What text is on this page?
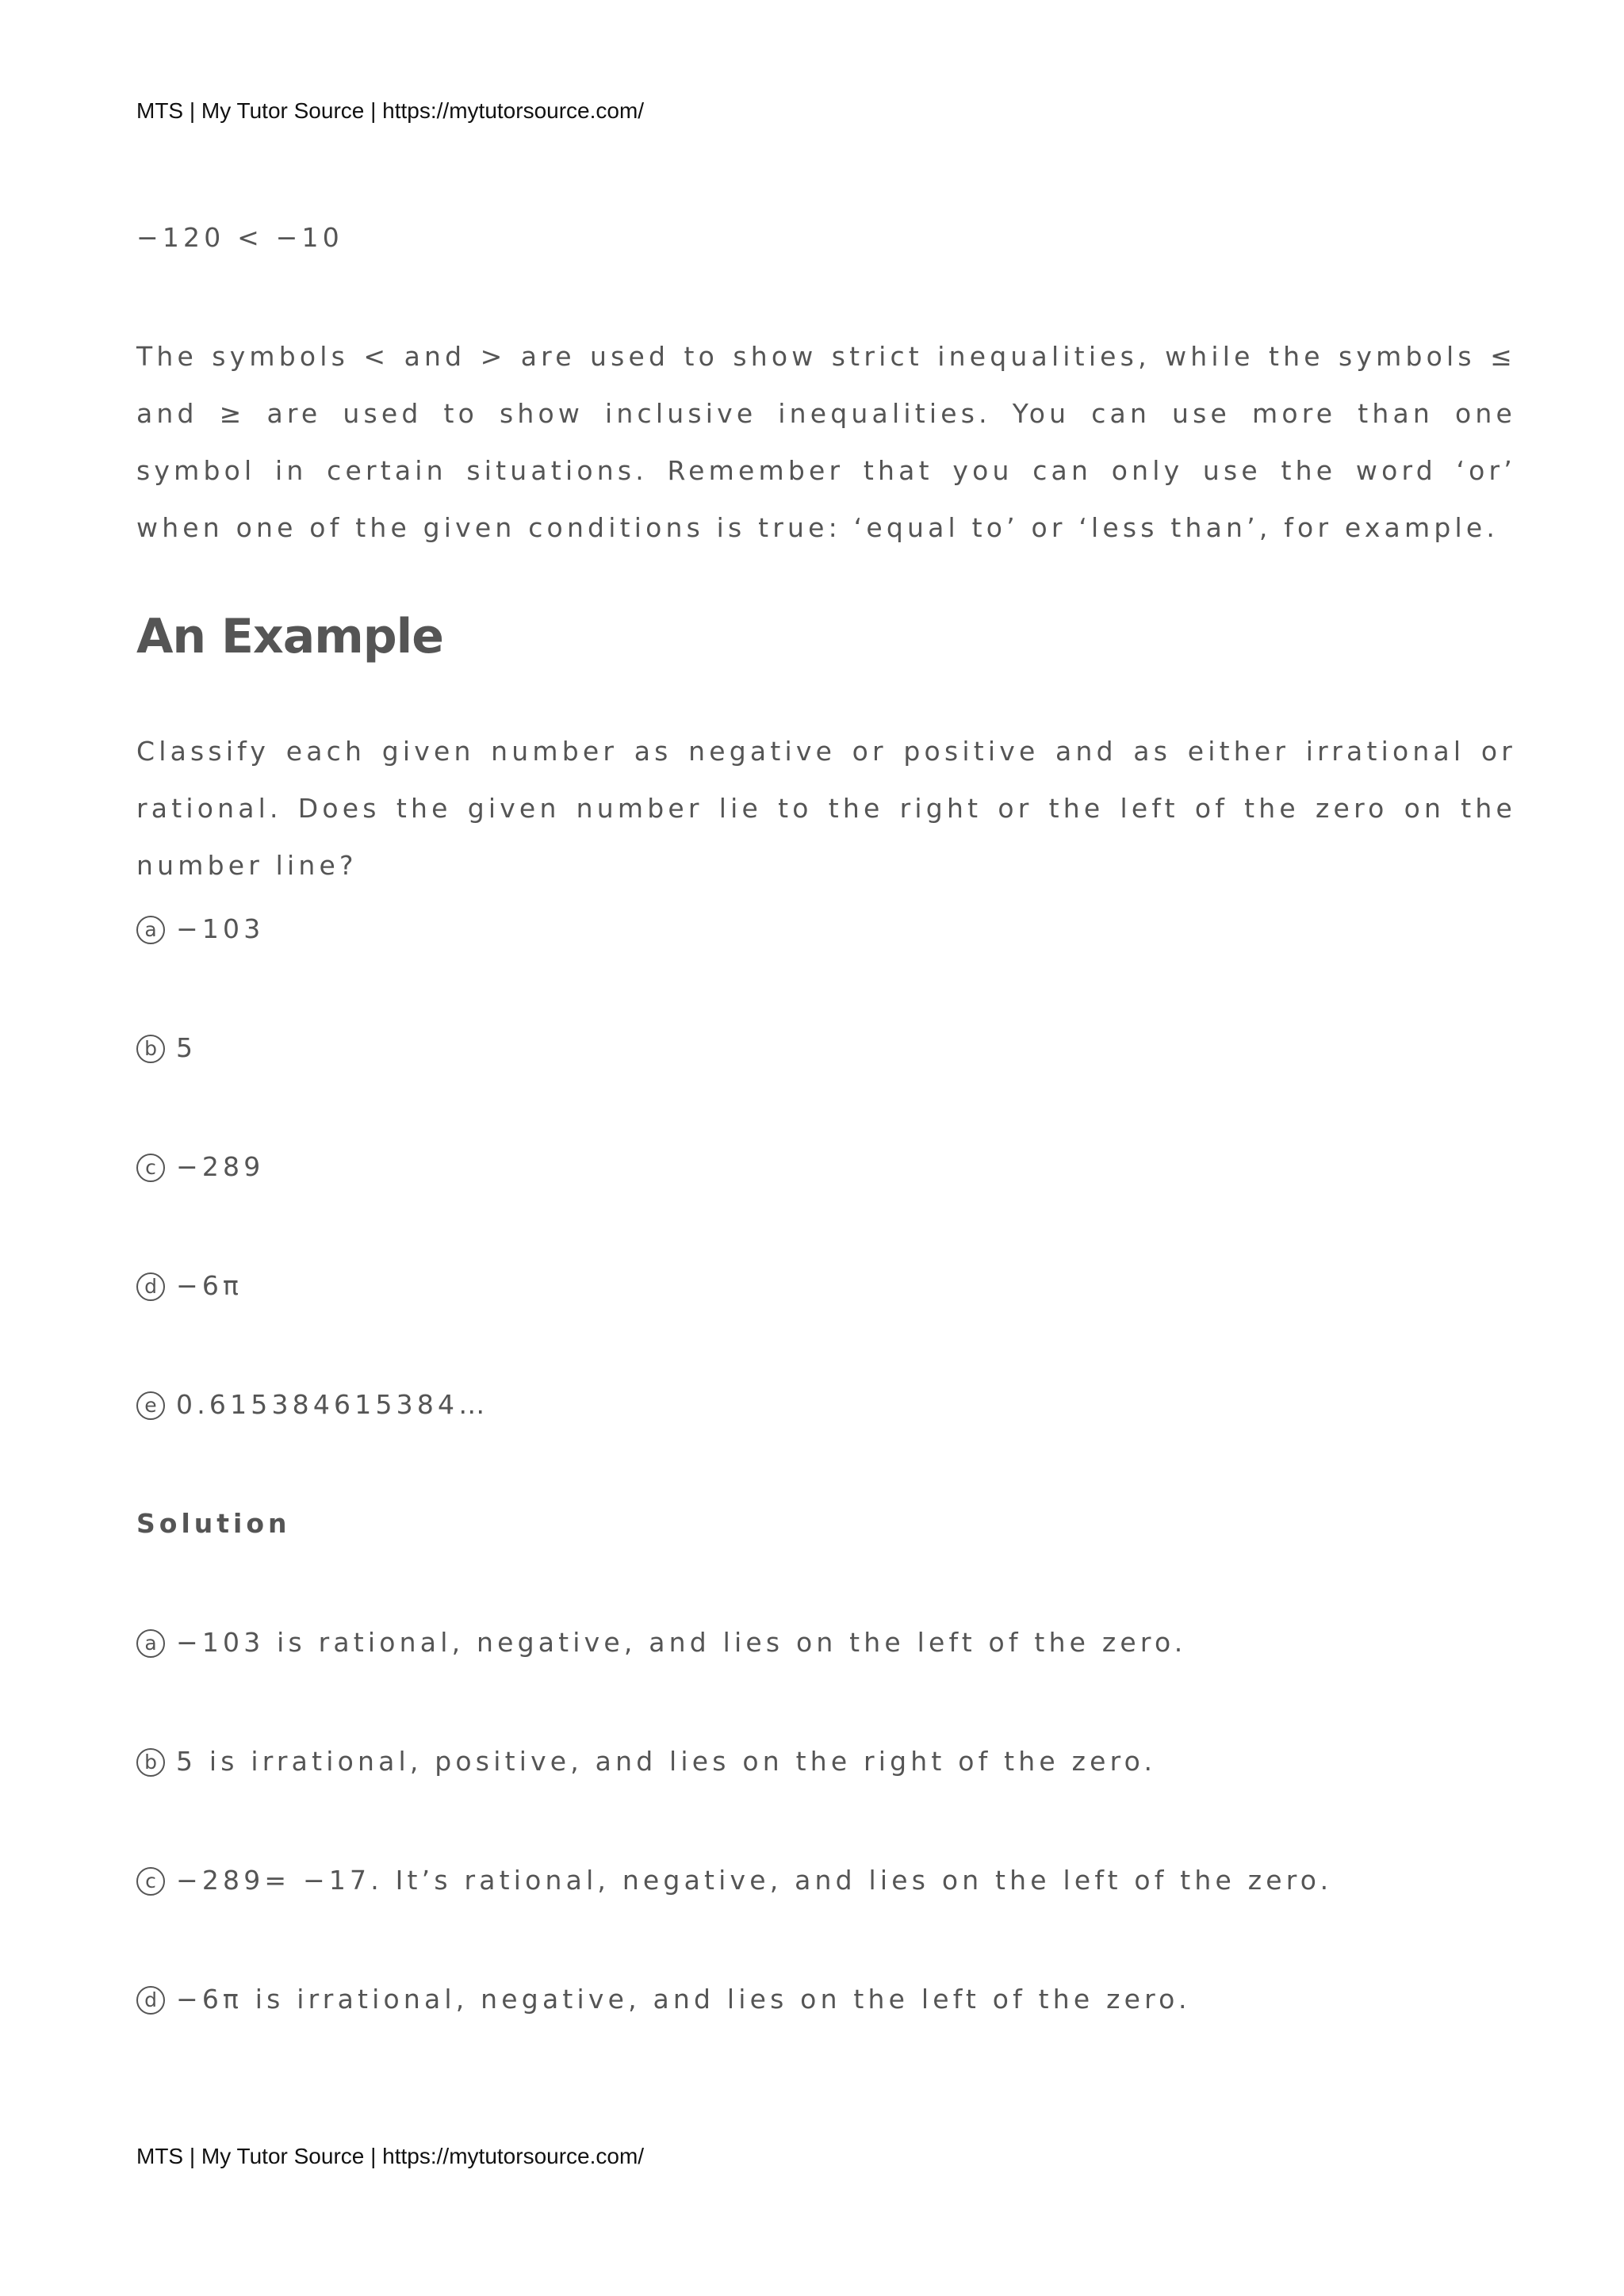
MTS | My Tutor Source | https://mytutorsource.com/

−120 < −10

The symbols < and > are used to show strict inequalities, while the symbols ≤ and ≥ are used to show inclusive inequalities. You can use more than one symbol in certain situations. Remember that you can only use the word ‘or’ when one of the given conditions is true: ‘equal to’ or ‘less than’, for example.

An Example

Classify each given number as negative or positive and as either irrational or rational. Does the given number lie to the right or the left of the zero on the number line?

a −103
b 5
c −289
d −6π
e 0.615384615384…
Solution
a −103 is rational, negative, and lies on the left of the zero.
b 5 is irrational, positive, and lies on the right of the zero.
c −289= −17. It’s rational, negative, and lies on the left of the zero.
d −6π is irrational, negative, and lies on the left of the zero.
MTS | My Tutor Source | https://mytutorsource.com/
